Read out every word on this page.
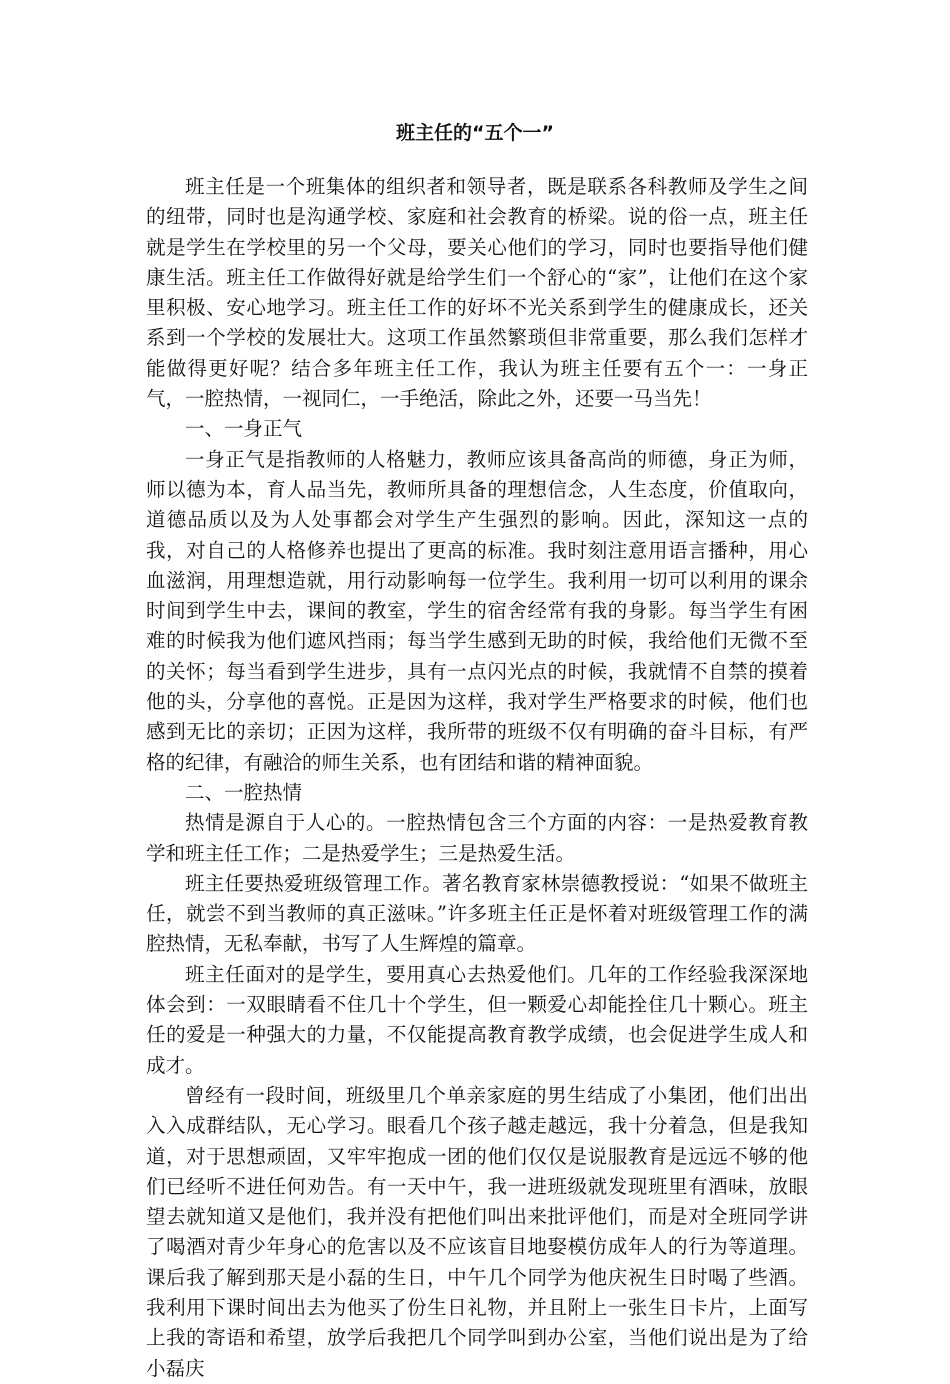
班主任的“五个一”

班主任是一个班集体的组织者和领导者，既是联系各科教师及学生之间的纽带，同时也是沟通学校、家庭和社会教育的桥梁。说的俗一点，班主任就是学生在学校里的另一个父母，要关心他们的学习，同时也要指导他们健康生活。班主任工作做得好就是给学生们一个舒心的“家”，让他们在这个家里积极、安心地学习。班主任工作的好坏不光关系到学生的健康成长，还关系到一个学校的发展壮大。这项工作虽然繁琐但非常重要，那么我们怎样才能做得更好呢？结合多年班主任工作，我认为班主任要有五个一：一身正气，一腔热情，一视同仁，一手绝活，除此之外，还要一马当先！

一、一身正气

一身正气是指教师的人格魅力，教师应该具备高尚的师德，身正为师，师以德为本，育人品当先，教师所具备的理想信念，人生态度，价值取向，道德品质以及为人处事都会对学生产生强烈的影响。因此，深知这一点的我，对自己的人格修养也提出了更高的标准。我时刻注意用语言播种，用心血滋润，用理想造就，用行动影响每一位学生。我利用一切可以利用的课余时间到学生中去，课间的教室，学生的宿舍经常有我的身影。每当学生有困难的时候我为他们遮风挡雨；每当学生感到无助的时候，我给他们无微不至的关怀；每当看到学生进步，具有一点闪光点的时候，我就情不自禁的摸着他的头，分享他的喜悦。正是因为这样，我对学生严格要求的时候，他们也感到无比的亲切；正因为这样，我所带的班级不仅有明确的奋斗目标，有严格的纪律，有融洽的师生关系，也有团结和谐的精神面貌。

二、一腔热情

热情是源自于人心的。一腔热情包含三个方面的内容：一是热爱教育教学和班主任工作；二是热爱学生；三是热爱生活。

班主任要热爱班级管理工作。著名教育家林崇德教授说：“如果不做班主任，就尝不到当教师的真正滋味。”许多班主任正是怀着对班级管理工作的满腔热情，无私奉献，书写了人生辉煌的篇章。

班主任面对的是学生，要用真心去热爱他们。几年的工作经验我深深地体会到：一双眼睛看不住几十个学生，但一颗爱心却能拴住几十颗心。班主任的爱是一种强大的力量，不仅能提高教育教学成绩，也会促进学生成人和成才。

曾经有一段时间，班级里几个单亲家庭的男生结成了小集团，他们出出入入成群结队，无心学习。眼看几个孩子越走越远，我十分着急，但是我知道，对于思想顽固，又牢牢抱成一团的他们仅仅是说服教育是远远不够的他们已经听不进任何劝告。有一天中午，我一进班级就发现班里有酒味，放眼望去就知道又是他们，我并没有把他们叫出来批评他们，而是对全班同学讲了喝酒对青少年身心的危害以及不应该盲目地娶模仿成年人的行为等道理。课后我了解到那天是小磊的生日，中午几个同学为他庆祝生日时喝了些酒。我利用下课时间出去为他买了份生日礼物，并且附上一张生日卡片，上面写上我的寄语和希望，放学后我把几个同学叫到办公室，当他们说出是为了给小磊庆
